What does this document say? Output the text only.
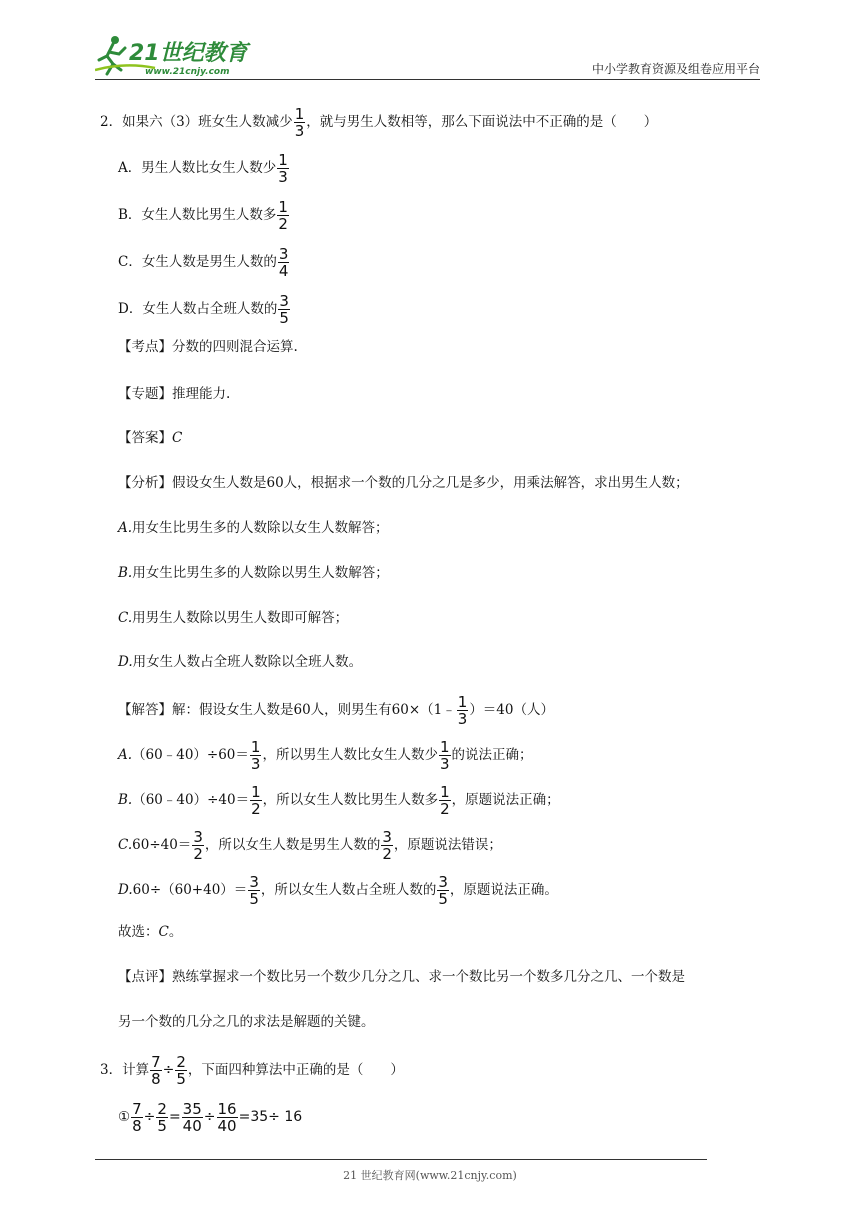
21世纪教育
www.21cnjy.com	中小学教育资源及组卷应用平台
2．如果六（3）班女生人数减少 $\frac{1}{3}$ ，就与男生人数相等，那么下面说法中不正确的是（　　）
A．男生人数比女生人数少 $\frac{1}{3}$
B．女生人数比男生人数多 $\frac{1}{2}$
C．女生人数是男生人数的 $\frac{3}{4}$
D．女生人数占全班人数的 $\frac{3}{5}$
【考点】分数的四则混合运算.
【专题】推理能力.
【答案】C
【分析】假设女生人数是60人，根据求一个数的几分之几是多少，用乘法解答，求出男生人数；
A.用女生比男生多的人数除以女生人数解答；
B.用女生比男生多的人数除以男生人数解答；
C.用男生人数除以男生人数即可解答；
D.用女生人数占全班人数除以全班人数。
【解答】解：假设女生人数是60人，则男生有60×（1﹣ $\frac{1}{3} )=40$（人）
A.（60﹣40）÷60＝ $\frac{1}{3}$ ，所以男生人数比女生人数少 $\frac{1}{3}$ 的说法正确；
B.（60﹣40）÷40＝ $\frac{1}{2}$ ，所以女生人数比男生人数多 $\frac{1}{2}$ ，原题说法正确；
$C.60\div 40= \frac{3}{2}$ ，所以女生人数是男生人数的 $\frac{3}{2}$ ，原题说法错误；
$D.60\div(60+40)= \frac{3}{5}$ ，所以女生人数占全班人数的 $\frac{3}{5}$ ，原题说法正确。
故选：C。
【点评】熟练掌握求一个数比另一个数少几分之几、求一个数比另一个数多几分之几、一个数是
另一个数的几分之几的求法是解题的关键。
3．计算 $\frac{7}{8} \div \frac{2}{5}$ ，下面四种算法中正确的是（　　）
① $\frac{7}{8} \div \frac{2}{5} = \frac{35}{40} \div \frac{16}{40} =35\div 16$
21 世纪教育网(www.21cnjy.com)
